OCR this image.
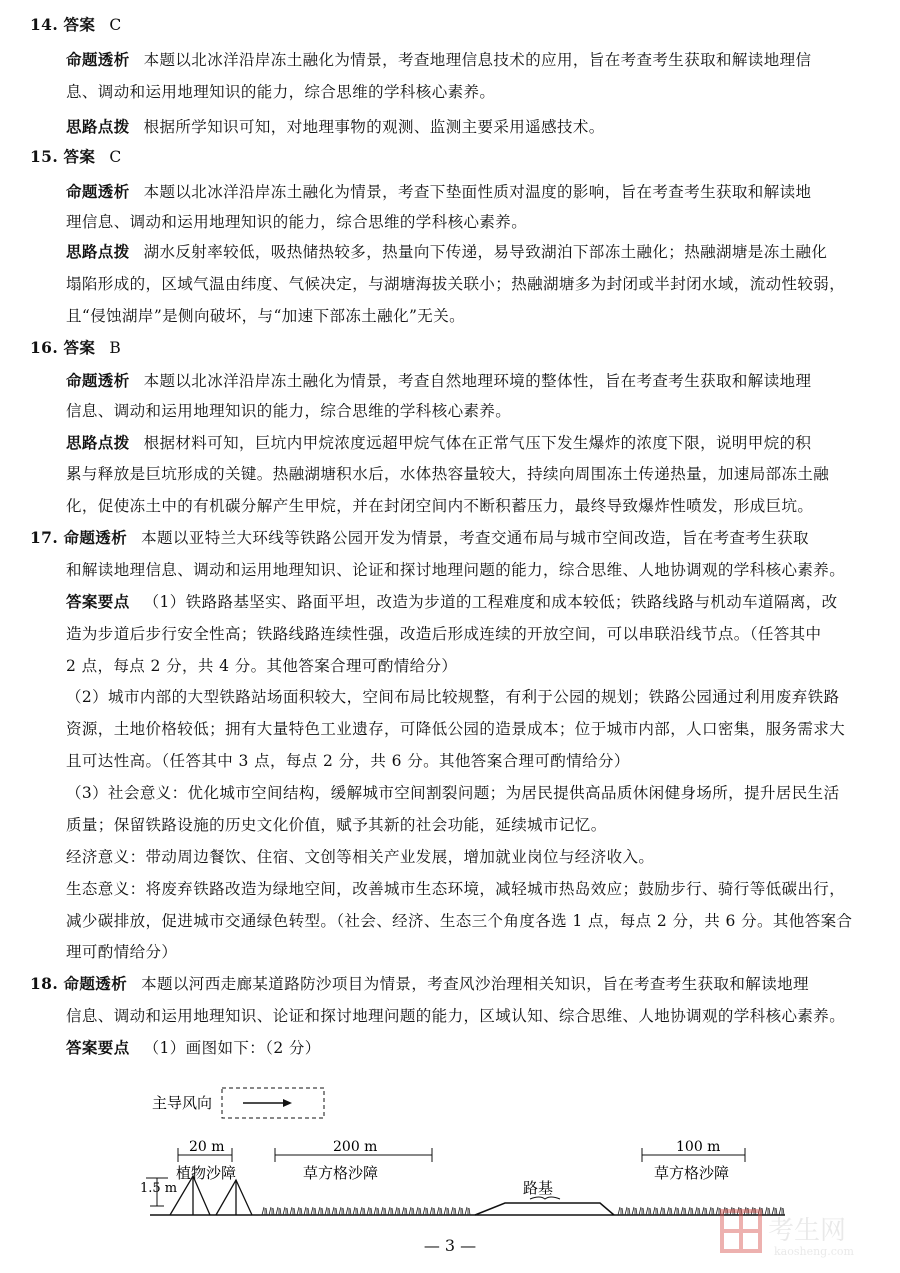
14. 答案 C
命题透析 本题以北冰洋沿岸冻土融化为情景，考查地理信息技术的应用，旨在考查考生获取和解读地理信
息、调动和运用地理知识的能力，综合思维的学科核心素养。
思路点拨 根据所学知识可知，对地理事物的观测、监测主要采用遥感技术。
15. 答案 C
命题透析 本题以北冰洋沿岸冻土融化为情景，考查下垫面性质对温度的影响，旨在考查考生获取和解读地
理信息、调动和运用地理知识的能力，综合思维的学科核心素养。
思路点拨 湖水反射率较低，吸热储热较多，热量向下传递，易导致湖泊下部冻土融化；热融湖塘是冻土融化
塌陷形成的，区域气温由纬度、气候决定，与湖塘海拔关联小；热融湖塘多为封闭或半封闭水域，流动性较弱，
且“侵蚀湖岸”是侧向破坏，与“加速下部冻土融化”无关。
16. 答案 B
命题透析 本题以北冰洋沿岸冻土融化为情景，考查自然地理环境的整体性，旨在考查考生获取和解读地理
信息、调动和运用地理知识的能力，综合思维的学科核心素养。
思路点拨 根据材料可知，巨坑内甲烷浓度远超甲烷气体在正常气压下发生爆炸的浓度下限，说明甲烷的积
累与释放是巨坑形成的关键。热融湖塘积水后，水体热容量较大，持续向周围冻土传递热量，加速局部冻土融
化，促使冻土中的有机碳分解产生甲烷，并在封闭空间内不断积蓄压力，最终导致爆炸性喷发，形成巨坑。
17. 命题透析 本题以亚特兰大环线等铁路公园开发为情景，考查交通布局与城市空间改造，旨在考查考生获取
和解读地理信息、调动和运用地理知识、论证和探讨地理问题的能力，综合思维、人地协调观的学科核心素养。
答案要点 （1）铁路路基坚实、路面平坦，改造为步道的工程难度和成本较低；铁路线路与机动车道隔离，改
造为步道后步行安全性高；铁路线路连续性强，改造后形成连续的开放空间，可以串联沿线节点。（任答其中
2 点，每点 2 分，共 4 分。其他答案合理可酌情给分）
（2）城市内部的大型铁路站场面积较大，空间布局比较规整，有利于公园的规划；铁路公园通过利用废弃铁路
资源，土地价格较低；拥有大量特色工业遗存，可降低公园的造景成本；位于城市内部，人口密集，服务需求大
且可达性高。（任答其中 3 点，每点 2 分，共 6 分。其他答案合理可酌情给分）
（3）社会意义：优化城市空间结构，缓解城市空间割裂问题；为居民提供高品质休闲健身场所，提升居民生活
质量；保留铁路设施的历史文化价值，赋予其新的社会功能，延续城市记忆。
经济意义：带动周边餐饮、住宿、文创等相关产业发展，增加就业岗位与经济收入。
生态意义：将废弃铁路改造为绿地空间，改善城市生态环境，减轻城市热岛效应；鼓励步行、骑行等低碳出行，
减少碳排放，促进城市交通绿色转型。（社会、经济、生态三个角度各选 1 点，每点 2 分，共 6 分。其他答案合
理可酌情给分）
18. 命题透析 本题以河西走廊某道路防沙项目为情景，考查风沙治理相关知识，旨在考查考生获取和解读地理
信息、调动和运用地理知识、论证和探讨地理问题的能力，区域认知、综合思维、人地协调观的学科核心素养。
答案要点 （1）画图如下：（2 分）
主导风向
20 m
植物沙障
200 m
草方格沙障
100 m
草方格沙障
1.5 m	路基
— 3 —	考生网
kaosheng.com
